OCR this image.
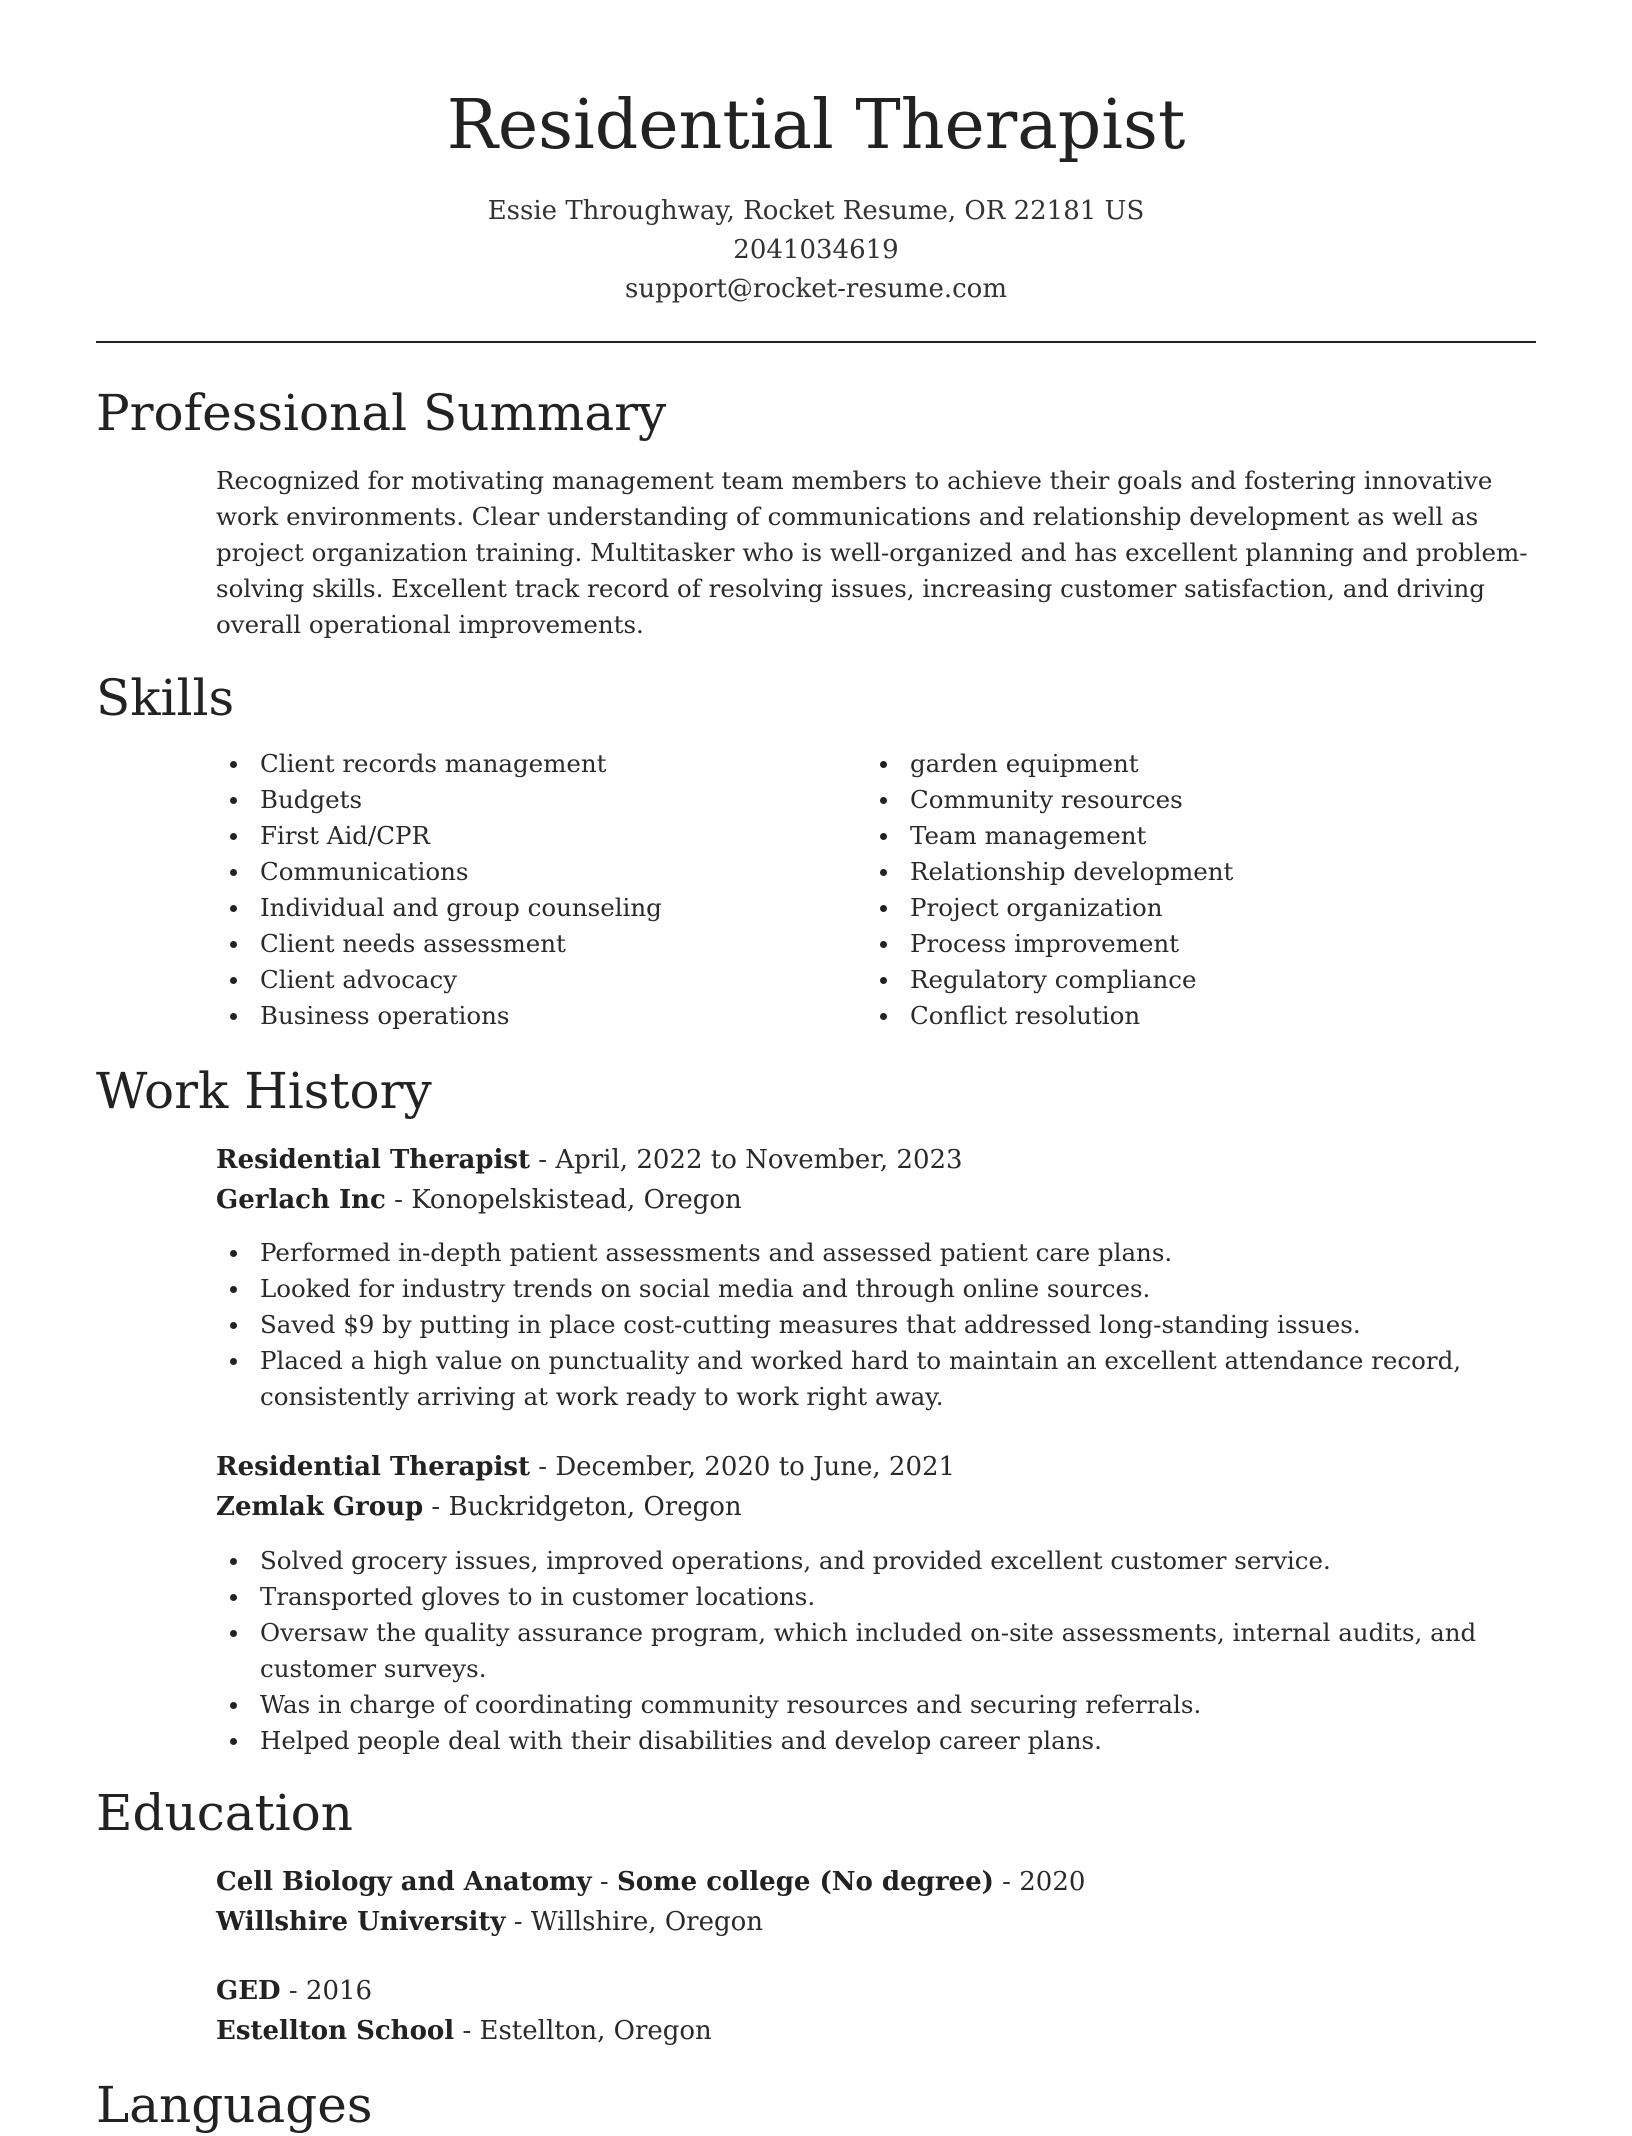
Residential Therapist
Essie Throughway, Rocket Resume, OR 22181 US
2041034619
support@rocket-resume.com
Professional Summary

Recognized for motivating management team members to achieve their goals and fostering innovative work environments. Clear understanding of communications and relationship development as well as project organization training. Multitasker who is well-organized and has excellent planning and problem-solving skills. Excellent track record of resolving issues, increasing customer satisfaction, and driving overall operational improvements.

Skills
Client records management
Budgets
First Aid/CPR
Communications
Individual and group counseling
Client needs assessment
Client advocacy
Business operations
garden equipment
Community resources
Team management
Relationship development
Project organization
Process improvement
Regulatory compliance
Conflict resolution
Work History
Residential Therapist - April, 2022 to November, 2023
Gerlach Inc - Konopelskistead, Oregon
Performed in-depth patient assessments and assessed patient care plans.
Looked for industry trends on social media and through online sources.
Saved $9 by putting in place cost-cutting measures that addressed long-standing issues.
Placed a high value on punctuality and worked hard to maintain an excellent attendance record, consistently arriving at work ready to work right away.
Residential Therapist - December, 2020 to June, 2021
Zemlak Group - Buckridgeton, Oregon
Solved grocery issues, improved operations, and provided excellent customer service.
Transported gloves to in customer locations.
Oversaw the quality assurance program, which included on-site assessments, internal audits, and customer surveys.
Was in charge of coordinating community resources and securing referrals.
Helped people deal with their disabilities and develop career plans.
Education
Cell Biology and Anatomy - Some college (No degree) - 2020
Willshire University - Willshire, Oregon
GED - 2016
Estellton School - Estellton, Oregon
Languages
